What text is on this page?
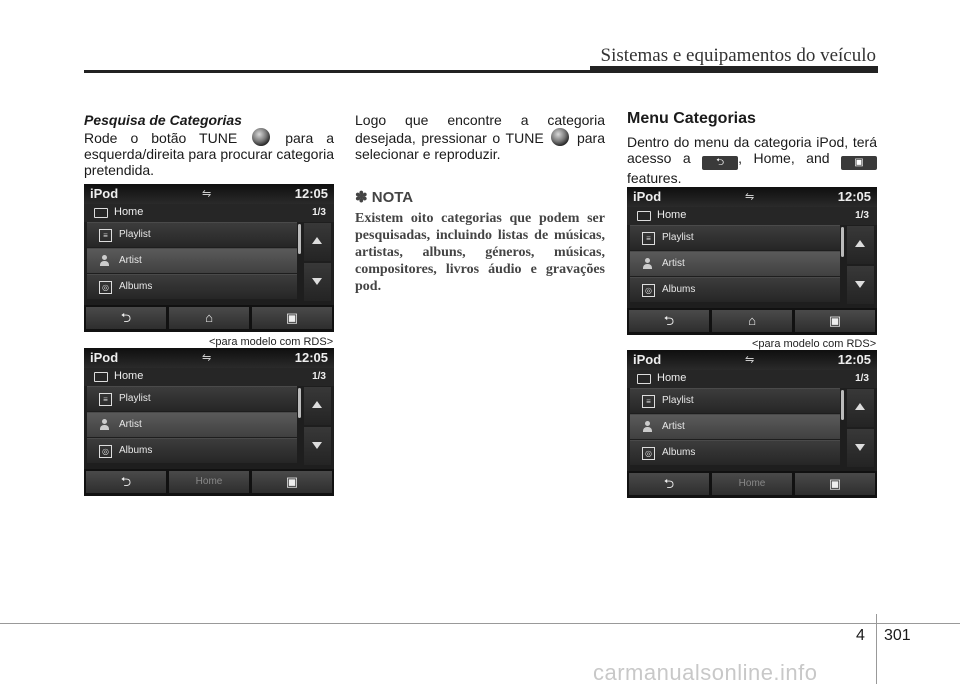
Sistemas e equipamentos do veículo
Pesquisa de Categorias
Rode o botão TUNE	para a esquerda/direita para procurar categoria pretendida.
iPod	⇋	12:05
Home	1/3
≡	Playlist
Artist
◎	Albums
⮌	⌂	▣
<para modelo com RDS>
iPod	⇋	12:05
Home	1/3
≡	Playlist
Artist
◎	Albums
⮌	Home	▣
Logo que encontre a categoria desejada, pressionar o TUNE para selecionar e reproduzir.
✽ NOTA
Existem oito categorias que podem ser pesquisadas, incluindo listas de músicas, artistas, albuns, géneros, músicas, compositores, livros áudio e gravações pod.
Menu Categorias
Dentro do menu da categoria iPod, terá acesso a	⮌ , Home, and ▣ features.
iPod	⇋	12:05
Home	1/3
≡	Playlist
Artist
◎	Albums
⮌	⌂	▣
<para modelo com RDS>
iPod	⇋	12:05
Home	1/3
≡	Playlist
Artist
◎	Albums
⮌	Home	▣
4 301
carmanualsonline.info
